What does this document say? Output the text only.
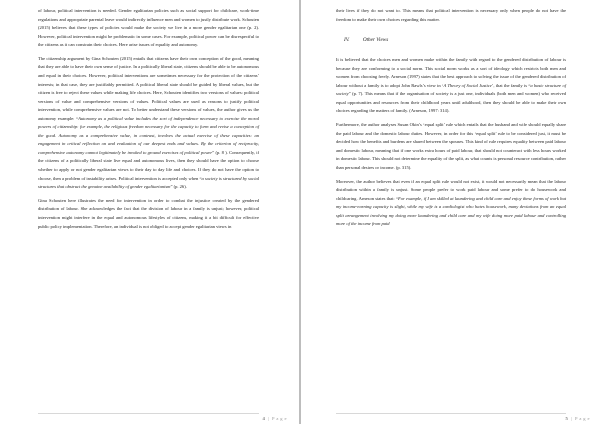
of labour, political intervention is needed. Gender egalitarian policies such as social support for childcare, work-time regulations and appropriate parental leave would indirectly influence men and women to justly distribute work. Schouten (2015) believes that these types of policies would make the society we live in a more gender egalitarian one (p. 2). However, political intervention might be problematic in some cases. For example, political power can be disrespectful to the citizens as it can constrain their choices. Here arise issues of equality and autonomy.

The citizenship argument by Gina Schouten (2015) entails that citizens have their own conception of the good, meaning that they are able to have their own sense of justice. In a politically liberal state, citizens should be able to be autonomous and equal in their choices. However, political interventions are sometimes necessary for the protection of the citizens’ interests; in that case, they are justifiably permitted. A political liberal state should be guided by liberal values, but the citizen is free to reject these values while making life choices. Here, Schouten identifies two versions of values: political versions of value and comprehensive versions of values. Political values are used as reasons to justify political intervention, while comprehensive values are not. To better understand these versions of values, the author gives us the autonomy example: “Autonomy as a political value includes the sort of independence necessary to exercise the moral powers of citizenship: for example, the religious freedom necessary for the capacity to form and revise a conception of the good. Autonomy as a comprehensive value, in contrast, involves the actual exercise of these capacities: an engagement in critical reflection on and evaluation of our deepest ends and values. By the criterion of reciprocity, comprehensive autonomy cannot legitimately be invoked to ground exercises of political power” (p. 8 ). Consequently, if the citizens of a politically liberal state live equal and autonomous lives, then they should have the option to choose whether to apply or not gender egalitarian views to their day to day life and choices. If they do not have the option to choose, then a problem of instability arises. Political intervention is accepted only when “a society is structured by social structures that obstruct the genuine availability of gender egalitarianism” (p. 26).

Gina Schouten here illustrates the need for intervention in order to combat the injustice created by the gendered distribution of labour. She acknowledges the fact that the division of labour in a family is unjust; however, political intervention might interfere in the equal and autonomous lifestyles of citizens, making it a bit difficult for effective public policy implementation. Therefore, an individual is not obliged to accept gender egalitarian views in

4 | P a g e

their lives if they do not want to. This means that political intervention is necessary only when people do not have the freedom to make their own choices regarding this matter.

IV.	Other Views

It is believed that the choices men and women make within the family with regard to the gendered distribution of labour is because they are conforming to a social norm. This social norm works as a sort of ideology which restricts both men and women from choosing freely. Arneson (1997) states that the best approach to solving the issue of the gendered distribution of labour without a family is to adopt John Rawls’s view in ‘A Theory of Social Justice’, that the family is “a basic structure of society” (p. 7). This means that if the organisation of society is a just one, individuals (both men and women) who received equal opportunities and resources from their childhood years until adulthood, then they should be able to make their own choices regarding the matters of family. (Arneson, 1997: 314).

Furthermore, the author analyses Susan Okin’s ‘equal split’ rule which entails that the husband and wife should equally share the paid labour and the domestic labour duties. However, in order for this ‘equal split’ rule to be considered just, it must be decided how the benefits and burdens are shared between the spouses. This kind of rule requires equality between paid labour and domestic labour, meaning that if one works extra hours of paid labour, that should not counteract with less hours worked in domestic labour. This should not determine the equality of the split, as what counts is personal resource contribution, rather than personal desires or income. (p. 315).

Moreover, the author believes that even if an equal split rule would not exist, it would not necessarily mean that the labour distribution within a family is unjust. Some people prefer to work paid labour and some prefer to do housework and childcaring. Arneson states that: “For example, if I am skilled at laundering and child care and enjoy these forms of work but my income-earning capacity is slight, while my wife is a cardiologist who hates housework, many deviations from an equal split arrangement involving my doing more laundering and child care and my wife doing more paid labour and controlling more of the income from paid

5 | P a g e
